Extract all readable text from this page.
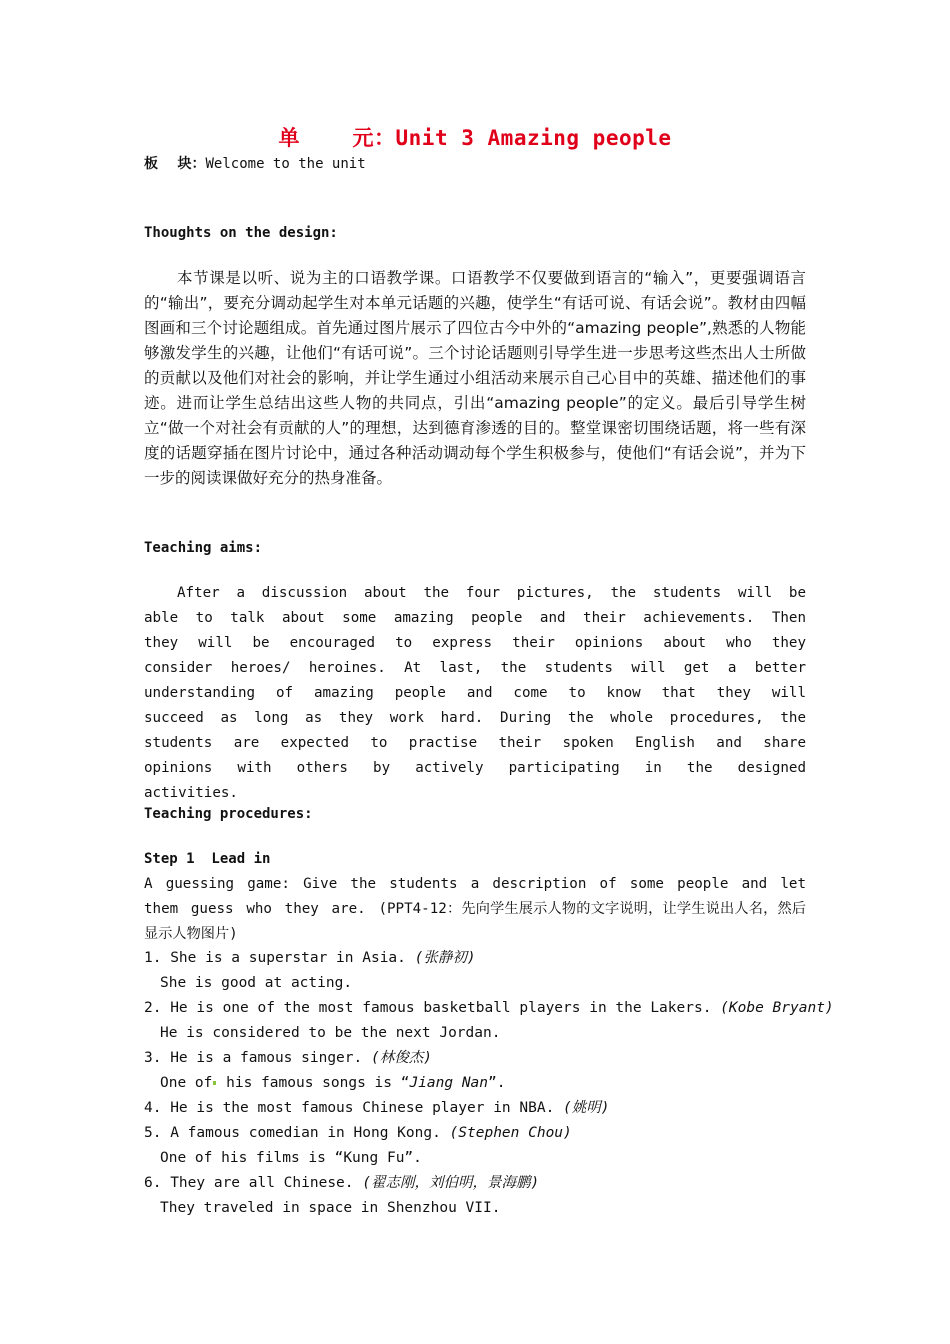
单    元：Unit 3 Amazing people
板    块：Welcome to the unit
Thoughts on the design:
本节课是以听、说为主的口语教学课。口语教学不仅要做到语言的“输入”，更要强调语言的“输出”，要充分调动起学生对本单元话题的兴趣，使学生“有话可说、有话会说”。教材由四幅图画和三个讨论题组成。首先通过图片展示了四位古今中外的“amazing people”,熟悉的人物能够激发学生的兴趣，让他们“有话可说”。三个讨论话题则引导学生进一步思考这些杰出人士所做的贡献以及他们对社会的影响，并让学生通过小组活动来展示自己心目中的英雄、描述他们的事迹。进而让学生总结出这些人物的共同点，引出“amazing people”的定义。最后引导学生树立“做一个对社会有贡献的人”的理想，达到德育渗透的目的。整堂课密切围绕话题，将一些有深度的话题穿插在图片讨论中，通过各种活动调动每个学生积极参与，使他们“有话会说”，并为下一步的阅读课做好充分的热身准备。
Teaching aims:
After a discussion about the four pictures, the students will be able to talk about some amazing people and their achievements. Then they will be encouraged to express their opinions about who they consider heroes/ heroines. At last, the students will get a better understanding of amazing people and come to know that they will succeed as long as they work hard. During the whole procedures, the students are expected to practise their spoken English and share opinions with others by actively participating in the designed activities.
Teaching procedures:
Step 1  Lead in
A guessing game: Give the students a description of some people and let them guess who they are. (PPT4-12：先向学生展示人物的文字说明，让学生说出人名，然后显示人物图片)
1. She is a superstar in Asia. (张静初)
She is good at acting.
2. He is one of the most famous basketball players in the Lakers. (Kobe Bryant)
He is considered to be the next Jordan.
3. He is a famous singer. (林俊杰)
One of his famous songs is “Jiang Nan”.
4. He is the most famous Chinese player in NBA. (姚明)
5. A famous comedian in Hong Kong. (Stephen Chou)
One of his films is “Kung Fu”.
6. They are all Chinese. (翟志刚，刘伯明，景海鹏)
They traveled in space in Shenzhou VII.
